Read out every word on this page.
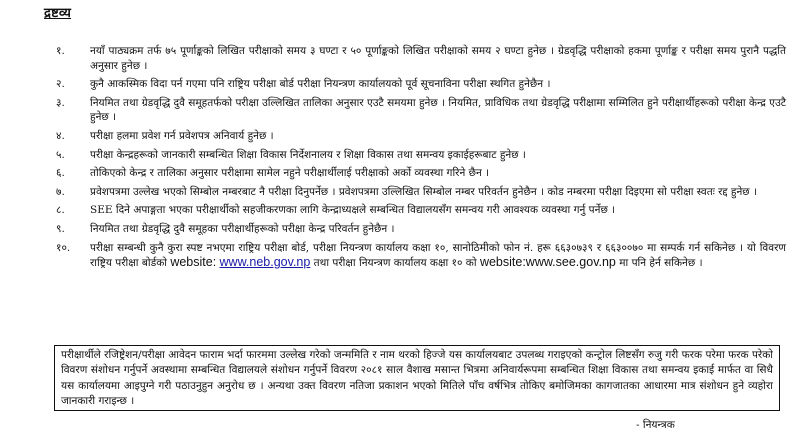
द्रष्टव्य
१.	नयाँ पाठ्यक्रम तर्फ ७५ पूर्णाङ्कको लिखित परीक्षाको समय ३ घण्टा र ५० पूर्णाङ्कको लिखित परीक्षाको समय २ घण्टा हुनेछ । ग्रेडवृद्धि परीक्षाको हकमा पूर्णाङ्क र परीक्षा समय पुरानै पद्धति अनुसार हुनेछ ।
२.	कुनै आकस्मिक विदा पर्न गएमा पनि राष्ट्रिय परीक्षा बोर्ड परीक्षा नियन्त्रण कार्यालयको पूर्व सूचनाविना परीक्षा स्थगित हुनेछैन ।
३.	नियमित तथा ग्रेडवृद्धि दुवै समूहतर्फको परीक्षा उल्लिखित तालिका अनुसार एउटै समयमा हुनेछ । नियमित, प्राविधिक तथा ग्रेडवृद्धि परीक्षामा सम्मिलित हुने परीक्षार्थीहरूको परीक्षा केन्द्र एउटै हुनेछ ।
४.	परीक्षा हलमा प्रवेश गर्न प्रवेशपत्र अनिवार्य हुनेछ ।
५.	परीक्षा केन्द्रहरूको जानकारी सम्बन्धित शिक्षा विकास निर्देशनालय र शिक्षा विकास तथा समन्वय इकाईहरूबाट हुनेछ ।
६.	तोकिएको केन्द्र र तालिका अनुसार परीक्षामा सामेल नहुने परीक्षार्थीलाई परीक्षाको अर्को व्यवस्था गरिने छैन ।
७.	प्रवेशपत्रमा उल्लेख भएको सिम्बोल नम्बरबाट नै परीक्षा दिनुपर्नेछ । प्रवेशपत्रमा उल्लिखित सिम्बोल नम्बर परिवर्तन हुनेछैन । कोड नम्बरमा परीक्षा दिइएमा सो परीक्षा स्वतः रद्द हुनेछ ।
८.	SEE दिने अपाङ्गता भएका परीक्षार्थीको सहजीकरणका लागि केन्द्राध्यक्षले सम्बन्धित विद्यालयसँग समन्वय गरी आवश्यक व्यवस्था गर्नु पर्नेछ ।
९.	नियमित तथा ग्रेडवृद्धि दुवै समूहका परीक्षार्थीहरूको परीक्षा केन्द्र परिवर्तन हुनेछैन ।
१०.	परीक्षा सम्बन्धी कुनै कुरा स्पष्ट नभएमा राष्ट्रिय परीक्षा बोर्ड, परीक्षा नियन्त्रण कार्यालय कक्षा १०, सानोठिमीको फोन नं. हरू ६६३०७३९ र ६६३००७० मा सम्पर्क गर्न सकिनेछ । यो विवरण राष्ट्रिय परीक्षा बोर्डको website: www.neb.gov.np तथा परीक्षा नियन्त्रण कार्यालय कक्षा १० को website:www.see.gov.np मा पनि हेर्न सकिनेछ ।
परीक्षार्थीले रजिष्ट्रेशन/परीक्षा आवेदन फाराम भर्दा फारममा उल्लेख गरेको जन्ममिति र नाम थरको हिज्जे यस कार्यालयबाट उपलब्ध गराइएको कन्ट्रोल लिष्टसँग रुजु गरी फरक परेमा फरक परेको विवरण संशोधन गर्नुपर्ने अवस्थामा सम्बन्धित विद्यालयले संशोधन गर्नुपर्ने विवरण २०८१ साल वैशाख मसान्त भित्रमा अनिवार्यरूपमा सम्बन्धित शिक्षा विकास तथा समन्वय इकाई मार्फत वा सिधै यस कार्यालयमा आइपुग्ने गरी पठाउनुहुन अनुरोध छ । अन्यथा उक्त विवरण नतिजा प्रकाशन भएको मितिले पाँच वर्षभित्र तोकिए बमोजिमका कागजातका आधारमा मात्र संशोधन हुने व्यहोरा जानकारी गराइन्छ ।
- नियन्त्रक
